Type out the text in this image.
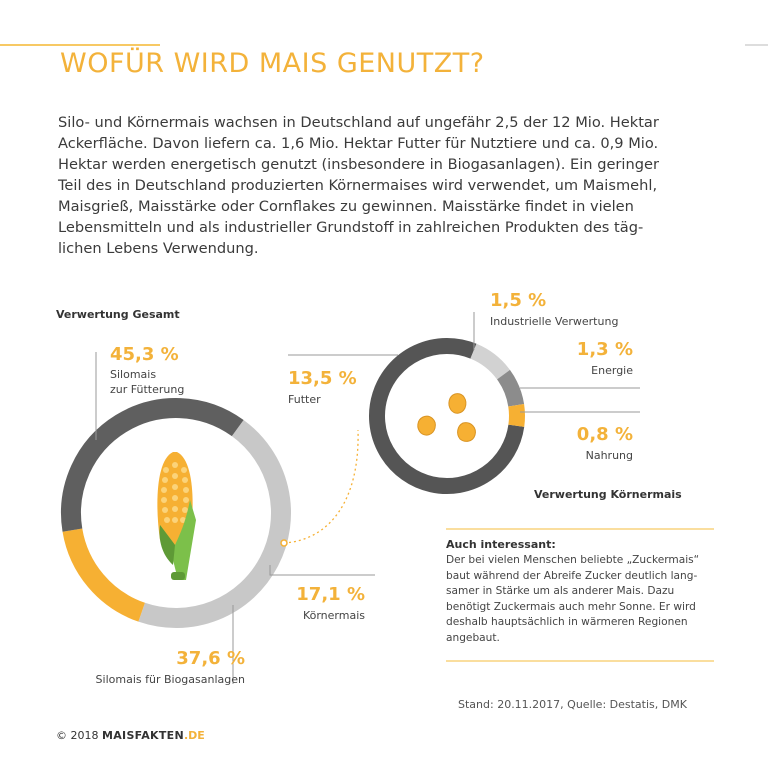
WOFÜR WIRD MAIS GENUTZT?
Silo- und Körnermais wachsen in Deutschland auf ungefähr 2,5 der 12 Mio. Hektar
Ackerfläche. Davon liefern ca. 1,6 Mio. Hektar Futter für Nutztiere und ca. 0,9 Mio.
Hektar werden energetisch genutzt (insbesondere in Biogasanlagen). Ein geringer
Teil des in Deutschland produzierten Körnermaises wird verwendet, um Maismehl,
Maisgrieß, Maisstärke oder Cornflakes zu gewinnen. Maisstärke findet in vielen
Lebensmitteln und als industrieller Grundstoff in zahlreichen Produkten des täg-
lichen Lebens Verwendung.
Verwertung Gesamt
45,3 %
Silomais
zur Fütterung
17,1 %
Körnermais
37,6 %
Silomais für Biogasanlagen
13,5 %
Futter
1,5 %
Industrielle Verwertung
1,3 %
Energie
0,8 %
Nahrung
Verwertung Körnermais
Auch interessant:
Der bei vielen Menschen beliebte „Zuckermais“
baut während der Abreife Zucker deutlich lang-
samer in Stärke um als anderer Mais. Dazu
benötigt Zuckermais auch mehr Sonne. Er wird
deshalb hauptsächlich in wärmeren Regionen
angebaut.
Stand: 20.11.2017, Quelle: Destatis, DMK
© 2018 MAISFAKTEN.DE
